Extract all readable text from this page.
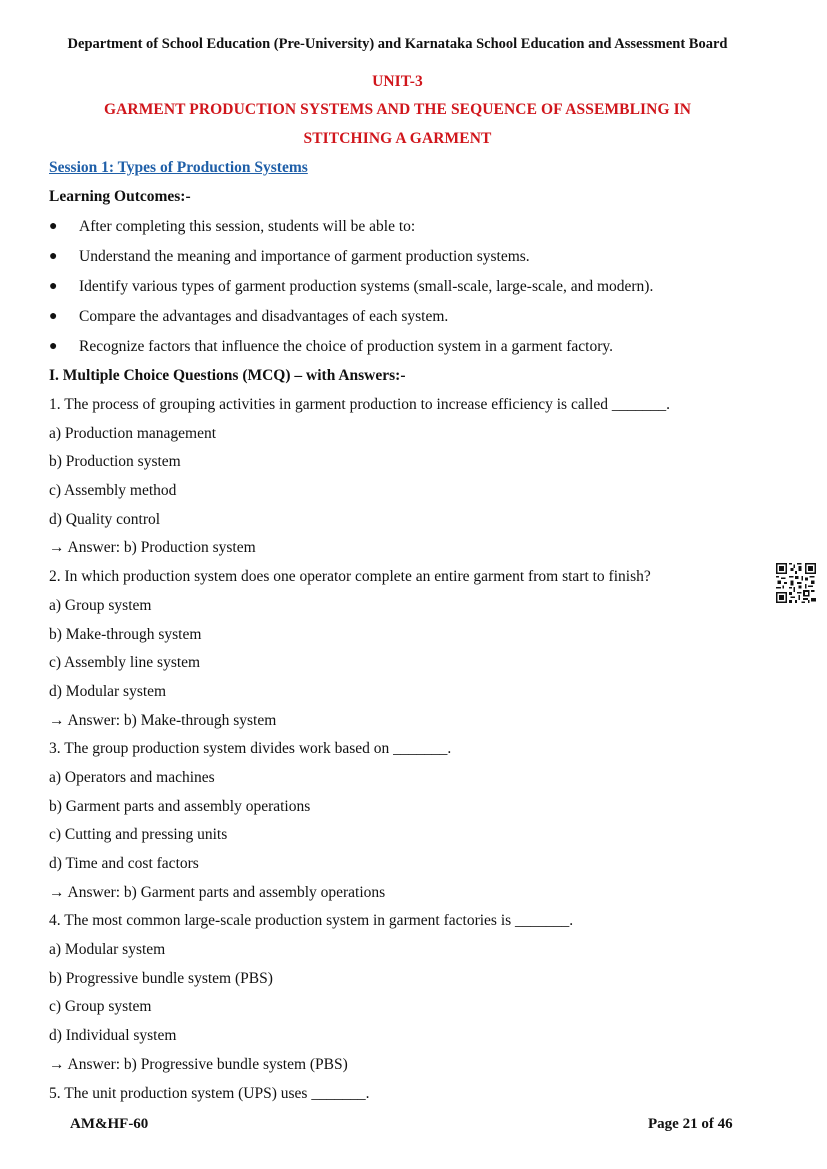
Department of School Education (Pre-University) and Karnataka School Education and Assessment Board
UNIT-3
GARMENT PRODUCTION SYSTEMS AND THE SEQUENCE OF ASSEMBLING IN
STITCHING A GARMENT
Session 1: Types of Production Systems
Learning Outcomes:-
●	After completing this session, students will be able to:
●	Understand the meaning and importance of garment production systems.
●	Identify various types of garment production systems (small-scale, large-scale, and modern).
●	Compare the advantages and disadvantages of each system.
●	Recognize factors that influence the choice of production system in a garment factory.
I. Multiple Choice Questions (MCQ) – with Answers:-
1. The process of grouping activities in garment production to increase efficiency is called _______.
a) Production management
b) Production system
c) Assembly method
d) Quality control
→ Answer: b) Production system
2. In which production system does one operator complete an entire garment from start to finish?
a) Group system
b) Make-through system
c) Assembly line system
d) Modular system
→ Answer: b) Make-through system
3. The group production system divides work based on _______.
a) Operators and machines
b) Garment parts and assembly operations
c) Cutting and pressing units
d) Time and cost factors
→ Answer: b) Garment parts and assembly operations
4. The most common large-scale production system in garment factories is _______.
a) Modular system
b) Progressive bundle system (PBS)
c) Group system
d) Individual system
→ Answer: b) Progressive bundle system (PBS)
5. The unit production system (UPS) uses _______.
AM&HF-60	Page 21 of 46
